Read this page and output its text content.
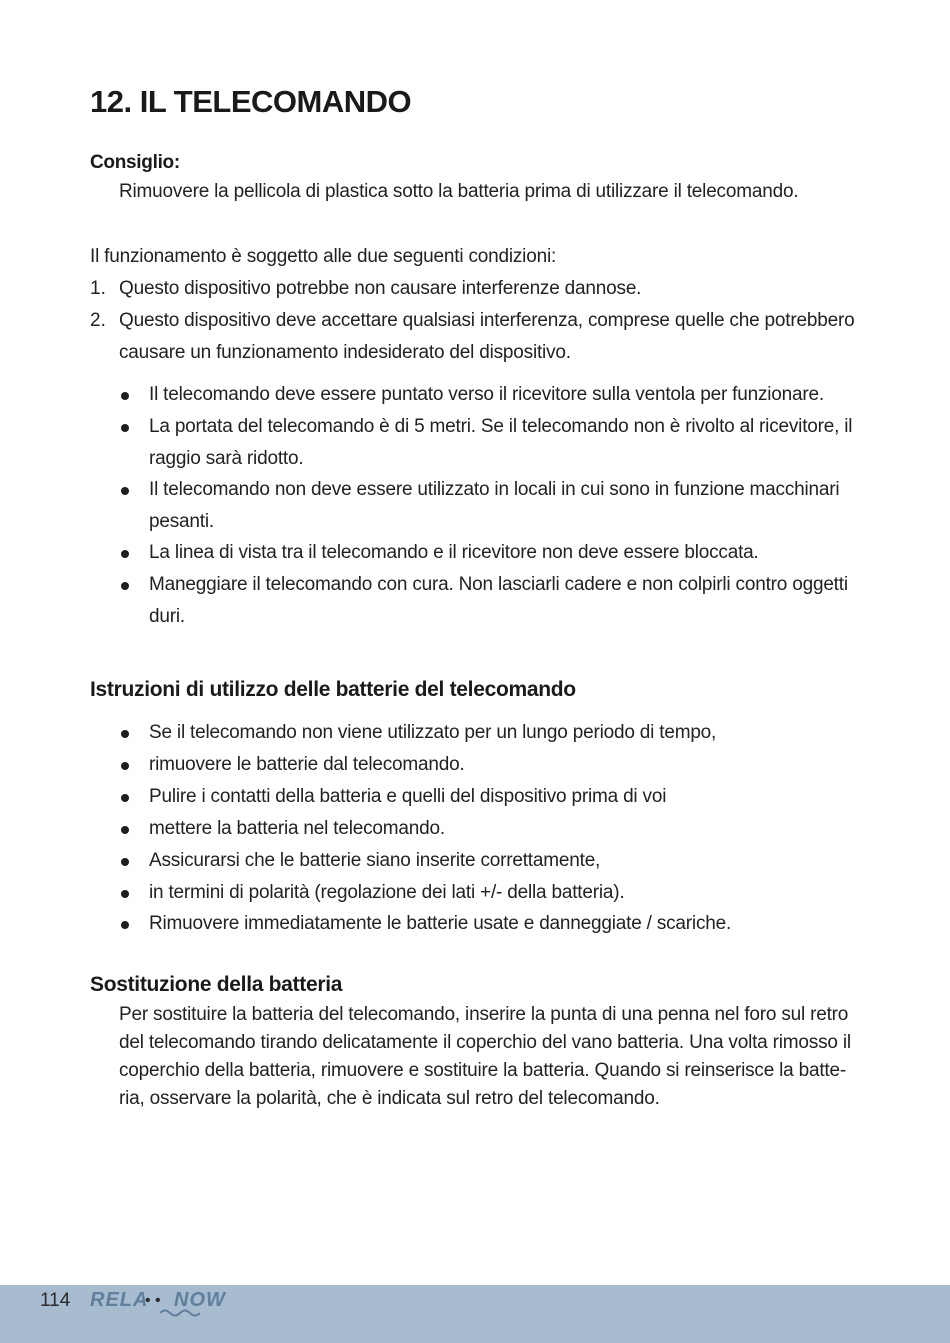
12. IL TELECOMANDO
Consiglio:
Rimuovere la pellicola di plastica sotto la batteria prima di utilizzare il telecomando.
Il funzionamento è soggetto alle due seguenti condizioni:
1. Questo dispositivo potrebbe non causare interferenze dannose.
2. Questo dispositivo deve accettare qualsiasi interferenza, comprese quelle che potrebbero
causare un funzionamento indesiderato del dispositivo.
Il telecomando deve essere puntato verso il ricevitore sulla ventola per funzionare.
La portata del telecomando è di 5 metri. Se il telecomando non è rivolto al ricevitore, il
raggio sarà ridotto.
Il telecomando non deve essere utilizzato in locali in cui sono in funzione macchinari
pesanti.
La linea di vista tra il telecomando e il ricevitore non deve essere bloccata.
Maneggiare il telecomando con cura. Non lasciarli cadere e non colpirli contro oggetti
duri.
Istruzioni di utilizzo delle batterie del telecomando
Se il telecomando non viene utilizzato per un lungo periodo di tempo,
rimuovere le batterie dal telecomando.
Pulire i contatti della batteria e quelli del dispositivo prima di voi
mettere la batteria nel telecomando.
Assicurarsi che le batterie siano inserite correttamente,
in termini di polarità (regolazione dei lati +/- della batteria).
Rimuovere immediatamente le batterie usate e danneggiate / scariche.
Sostituzione della batteria
Per sostituire la batteria del telecomando, inserire la punta di una penna nel foro sul retro
del telecomando tirando delicatamente il coperchio del vano batteria. Una volta rimosso il
coperchio della batteria, rimuovere e sostituire la batteria. Quando si reinserisce la batte-
ria, osservare la polarità, che è indicata sul retro del telecomando.
114 RELA
• • NOW
